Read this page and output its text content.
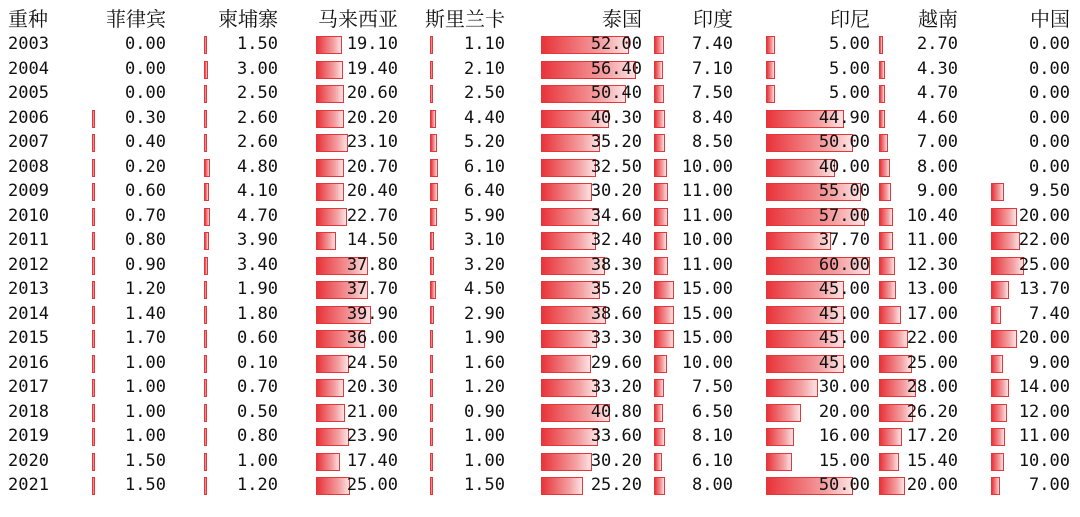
重种	菲律宾	柬埔寨	马来西亚 斯里兰卡	泰国	印度	印尼	越南	中国
2003	0.00	1.50	19.10	1.10	52.00	7.40	5.00	2.70	0.00
2004	0.00	3.00	19.40	2.10	56.40	7.10	5.00	4.30	0.00
2005	0.00	2.50	20.60	2.50	50.40	7.50	5.00	4.70	0.00
2006	0.30	2.60	20.20	4.40	40.30	8.40	44.90	4.60	0.00
2007	0.40	2.60	23.10	5.20	35.20	8.50	50.00	7.00	0.00
2008	0.20	4.80	20.70	6.10	32.50 10.00	40.00	8.00	0.00
2009	0.60	4.10	20.40	6.40	30.20 11.00	55.00	9.00	9.50
2010	0.70	4.70	22.70	5.90	34.60 11.00	57.00 10.40	20.00
2011	0.80	3.90	14.50	3.10	32.40 10.00	37.70 11.00	22.00
2012	0.90	3.40	37.80	3.20	38.30 11.00	60.00 12.30	25.00
2013	1.20	1.90	37.70	4.50	35.20 15.00	45.00 13.00	13.70
2014	1.40	1.80	39.90	2.90	38.60 15.00	45.00 17.00	7.40
2015	1.70	0.60	36.00	1.90	33.30 15.00	45.00 22.00	20.00
2016	1.00	0.10	24.50	1.60	29.60 10.00	45.00 25.00	9.00
2017	1.00	0.70	20.30	1.20	33.20	7.50	30.00 28.00	14.00
2018	1.00	0.50	21.00	0.90	40.80	6.50	20.00 26.20	12.00
2019	1.00	0.80	23.90	1.00	33.60	8.10	16.00 17.20	11.00
2020	1.50	1.00	17.40	1.00	30.20	6.10	15.00 15.40	10.00
2021	1.50	1.20	25.00	1.50	25.20	8.00	50.00 20.00	7.00
